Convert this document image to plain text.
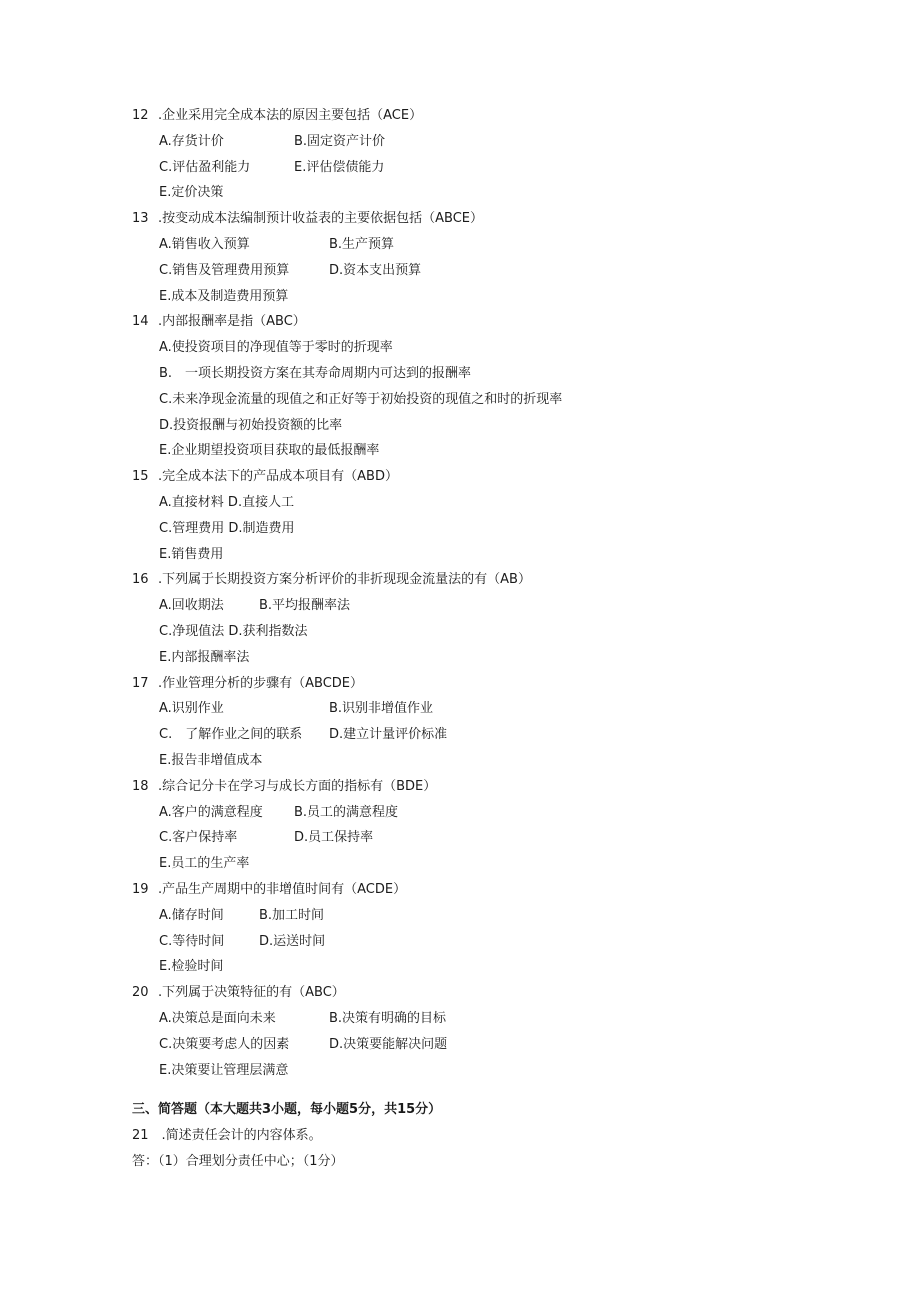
12 .企业采用完全成本法的原因主要包括（ACE）
A.存货计价	B.固定资产计价
C.评估盈利能力	E.评估偿债能力
E.定价决策
13 .按变动成本法编制预计收益表的主要依据包括（ABCE）
A.销售收入预算	B.生产预算
C.销售及管理费用预算	D.资本支出预算
E.成本及制造费用预算
14 .内部报酬率是指（ABC）
A.使投资项目的净现值等于零时的折现率
B.　一项长期投资方案在其寿命周期内可达到的报酬率
C.未来净现金流量的现值之和正好等于初始投资的现值之和时的折现率
D.投资报酬与初始投资额的比率
E.企业期望投资项目获取的最低报酬率
15 .完全成本法下的产品成本项目有（ABD）
A.直接材料 D.直接人工
C.管理费用 D.制造费用
E.销售费用
16 .下列属于长期投资方案分析评价的非折现现金流量法的有（AB）
A.回收期法	B.平均报酬率法
C.净现值法 D.获利指数法
E.内部报酬率法
17 .作业管理分析的步骤有（ABCDE）
A.识别作业	B.识别非增值作业
C.　了解作业之间的联系 D.建立计量评价标准
E.报告非增值成本
18 .综合记分卡在学习与成长方面的指标有（BDE）
A.客户的满意程度 B.员工的满意程度
C.客户保持率	D.员工保持率
E.员工的生产率
19 .产品生产周期中的非增值时间有（ACDE）
A.储存时间	B.加工时间
C.等待时间	D.运送时间
E.检验时间
20 .下列属于决策特征的有（ABC）
A.决策总是面向未来	B.决策有明确的目标
C.决策要考虑人的因素	D.决策要能解决问题
E.决策要让管理层满意
三、简答题（本大题共3小题，每小题5分，共15分）
21　.简述责任会计的内容体系。
答：（1）合理划分责任中心；（1分）
